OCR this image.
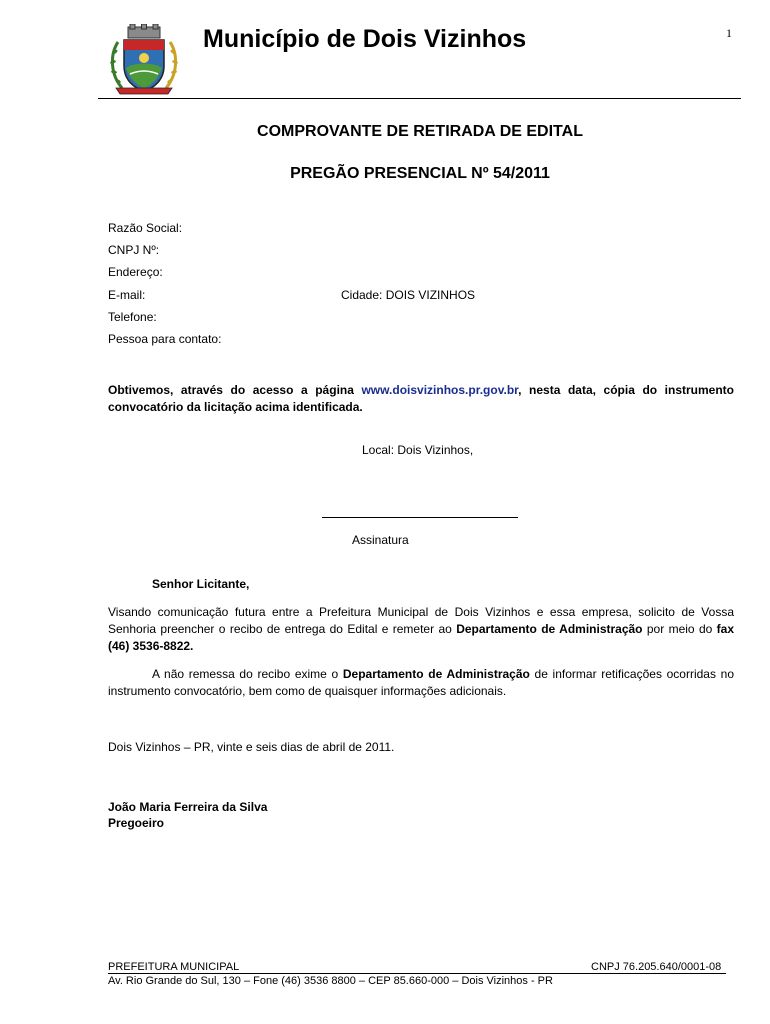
1
Município de Dois Vizinhos
COMPROVANTE DE RETIRADA DE EDITAL
PREGÃO PRESENCIAL Nº 54/2011
Razão Social:
CNPJ Nº:
Endereço:
E-mail:	Cidade: DOIS VIZINHOS
Telefone:
Pessoa para contato:
Obtivemos, através do acesso a página www.doisvizinhos.pr.gov.br, nesta data, cópia do instrumento convocatório da licitação acima identificada.
Local: Dois Vizinhos,
Assinatura
Senhor Licitante,
Visando comunicação futura entre a Prefeitura Municipal de Dois Vizinhos e essa empresa, solicito de Vossa Senhoria preencher o recibo de entrega do Edital e remeter ao Departamento de Administração por meio do fax (46) 3536-8822.
A não remessa do recibo exime o Departamento de Administração de informar retificações ocorridas no instrumento convocatório, bem como de quaisquer informações adicionais.
Dois Vizinhos – PR, vinte e seis dias de abril de 2011.
João Maria Ferreira da Silva
Pregoeiro
PREFEITURA MUNICIPAL	CNPJ 76.205.640/0001-08
Av. Rio Grande do Sul, 130 – Fone (46) 3536 8800 – CEP 85.660-000 – Dois Vizinhos - PR
